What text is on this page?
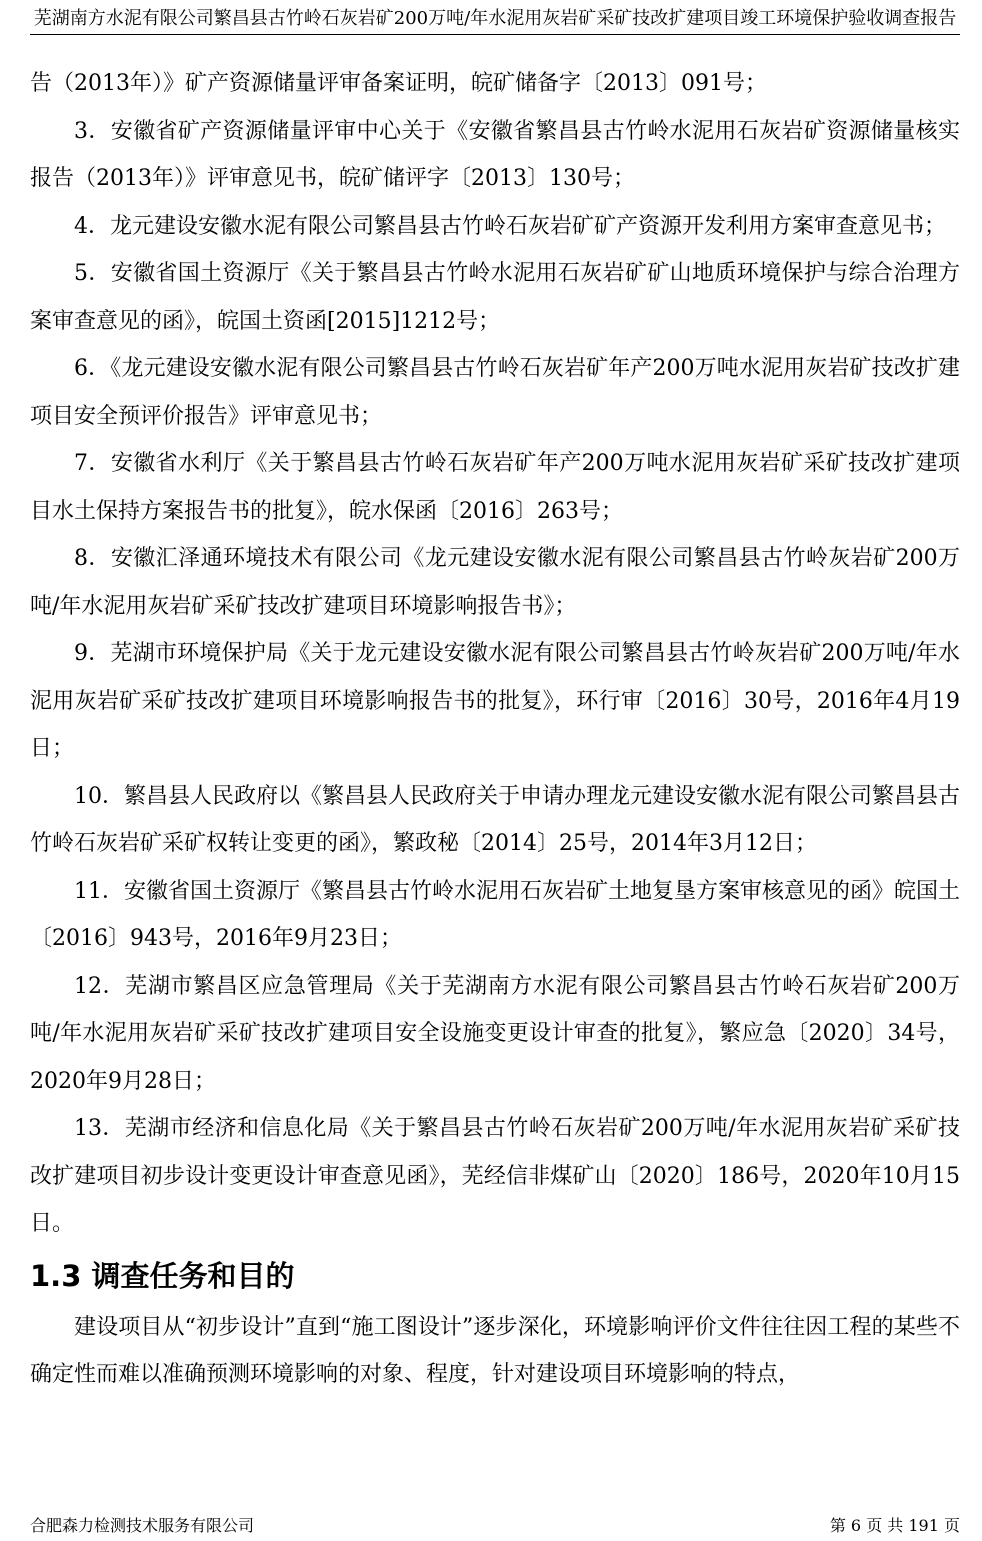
芜湖南方水泥有限公司繁昌县古竹岭石灰岩矿200万吨/年水泥用灰岩矿采矿技改扩建项目竣工环境保护验收调查报告

告（2013年）》矿产资源储量评审备案证明，皖矿储备字〔2013〕091号；

3．安徽省矿产资源储量评审中心关于《安徽省繁昌县古竹岭水泥用石灰岩矿资源储量核实报告（2013年）》评审意见书，皖矿储评字〔2013〕130号；

4．龙元建设安徽水泥有限公司繁昌县古竹岭石灰岩矿矿产资源开发利用方案审查意见书；

5．安徽省国土资源厅《关于繁昌县古竹岭水泥用石灰岩矿矿山地质环境保护与综合治理方案审查意见的函》，皖国土资函[2015]1212号；

6．《龙元建设安徽水泥有限公司繁昌县古竹岭石灰岩矿年产200万吨水泥用灰岩矿技改扩建项目安全预评价报告》评审意见书；

7．安徽省水利厅《关于繁昌县古竹岭石灰岩矿年产200万吨水泥用灰岩矿采矿技改扩建项目水土保持方案报告书的批复》，皖水保函〔2016〕263号；

8．安徽汇泽通环境技术有限公司《龙元建设安徽水泥有限公司繁昌县古竹岭灰岩矿200万吨/年水泥用灰岩矿采矿技改扩建项目环境影响报告书》；

9．芜湖市环境保护局《关于龙元建设安徽水泥有限公司繁昌县古竹岭灰岩矿200万吨/年水泥用灰岩矿采矿技改扩建项目环境影响报告书的批复》，环行审〔2016〕30号，2016年4月19日；

10．繁昌县人民政府以《繁昌县人民政府关于申请办理龙元建设安徽水泥有限公司繁昌县古竹岭石灰岩矿采矿权转让变更的函》，繁政秘〔2014〕25号，2014年3月12日；

11．安徽省国土资源厅《繁昌县古竹岭水泥用石灰岩矿土地复垦方案审核意见的函》皖国土〔2016〕943号，2016年9月23日；

12．芜湖市繁昌区应急管理局《关于芜湖南方水泥有限公司繁昌县古竹岭石灰岩矿200万吨/年水泥用灰岩矿采矿技改扩建项目安全设施变更设计审查的批复》，繁应急〔2020〕34号，2020年9月28日；

13．芜湖市经济和信息化局《关于繁昌县古竹岭石灰岩矿200万吨/年水泥用灰岩矿采矿技改扩建项目初步设计变更设计审查意见函》，芜经信非煤矿山〔2020〕186号，2020年10月15日。

1.3 调查任务和目的

建设项目从“初步设计”直到“施工图设计”逐步深化，环境影响评价文件往往因工程的某些不确定性而难以准确预测环境影响的对象、程度，针对建设项目环境影响的特点，

合肥森力检测技术服务有限公司	第 6 页 共 191 页
